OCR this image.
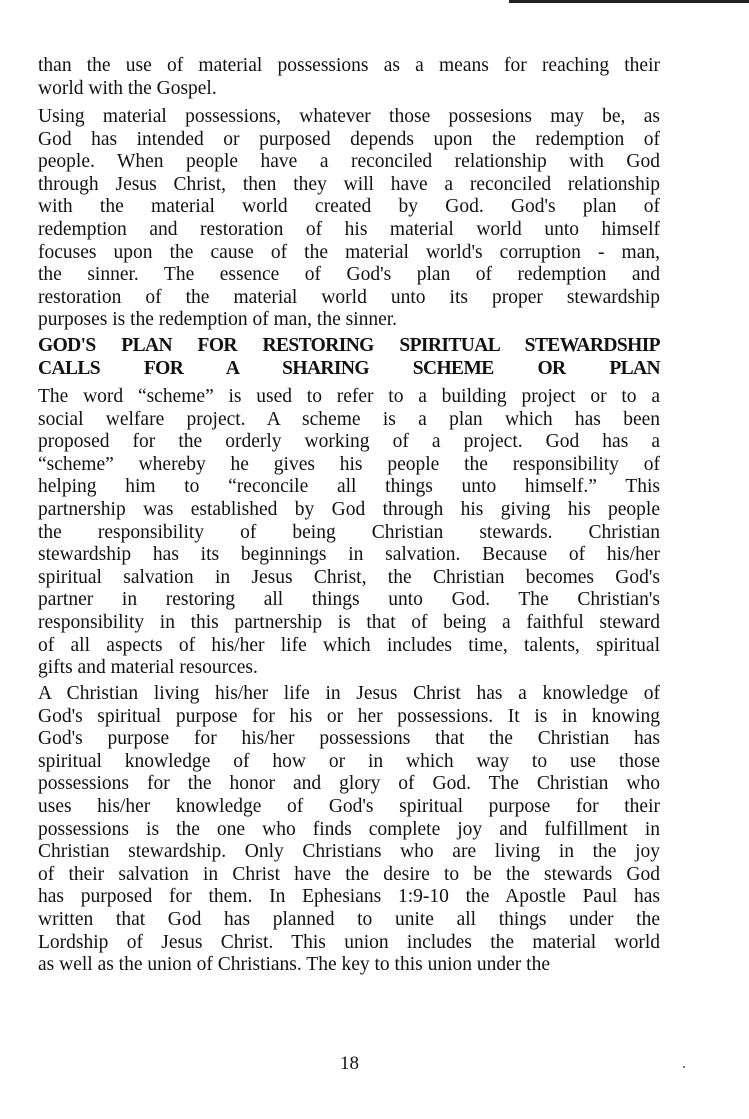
than the use of material possessions as a means for reaching their
world with the Gospel.
Using material possessions, whatever those possesions may be, as
God has intended or purposed depends upon the redemption of
people. When people have a reconciled relationship with God
through Jesus Christ, then they will have a reconciled relationship
with the material world created by God. God's plan of
redemption and restoration of his material world unto himself
focuses upon the cause of the material world's corruption - man,
the sinner. The essence of God's plan of redemption and
restoration of the material world unto its proper stewardship
purposes is the redemption of man, the sinner.
GOD'S PLAN FOR RESTORING SPIRITUAL STEWARDSHIP
CALLS FOR A SHARING SCHEME OR PLAN
The word “scheme” is used to refer to a building project or to a
social welfare project. A scheme is a plan which has been
proposed for the orderly working of a project. God has a
“scheme” whereby he gives his people the responsibility of
helping him to “reconcile all things unto himself.” This
partnership was established by God through his giving his people
the responsibility of being Christian stewards. Christian
stewardship has its beginnings in salvation. Because of his/her
spiritual salvation in Jesus Christ, the Christian becomes God's
partner in restoring all things unto God. The Christian's
responsibility in this partnership is that of being a faithful steward
of all aspects of his/her life which includes time, talents, spiritual
gifts and material resources.
A Christian living his/her life in Jesus Christ has a knowledge of
God's spiritual purpose for his or her possessions. It is in knowing
God's purpose for his/her possessions that the Christian has
spiritual knowledge of how or in which way to use those
possessions for the honor and glory of God. The Christian who
uses his/her knowledge of God's spiritual purpose for their
possessions is the one who finds complete joy and fulfillment in
Christian stewardship. Only Christians who are living in the joy
of their salvation in Christ have the desire to be the stewards God
has purposed for them. In Ephesians 1:9-10 the Apostle Paul has
written that God has planned to unite all things under the
Lordship of Jesus Christ. This union includes the material world
as well as the union of Christians. The key to this union under the
18
